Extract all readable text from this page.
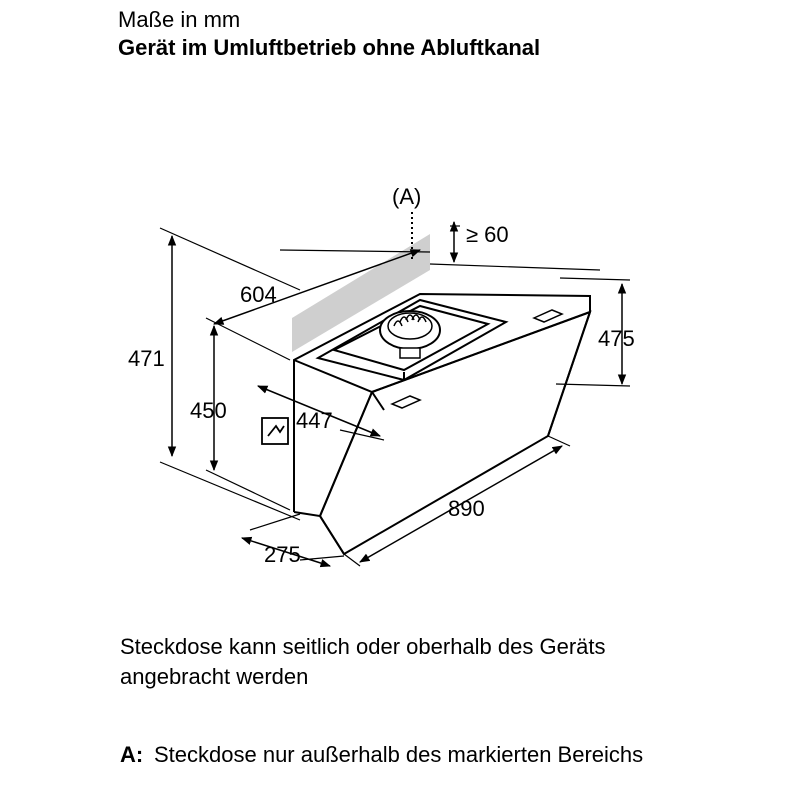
Maße in mm
Gerät im Umluftbetrieb ohne Abluftkanal
(A)
≥ 60
604
471
450	447
475
890
275
Steckdose kann seitlich oder oberhalb des Geräts angebracht werden
A: Steckdose nur außerhalb des markierten Bereichs
